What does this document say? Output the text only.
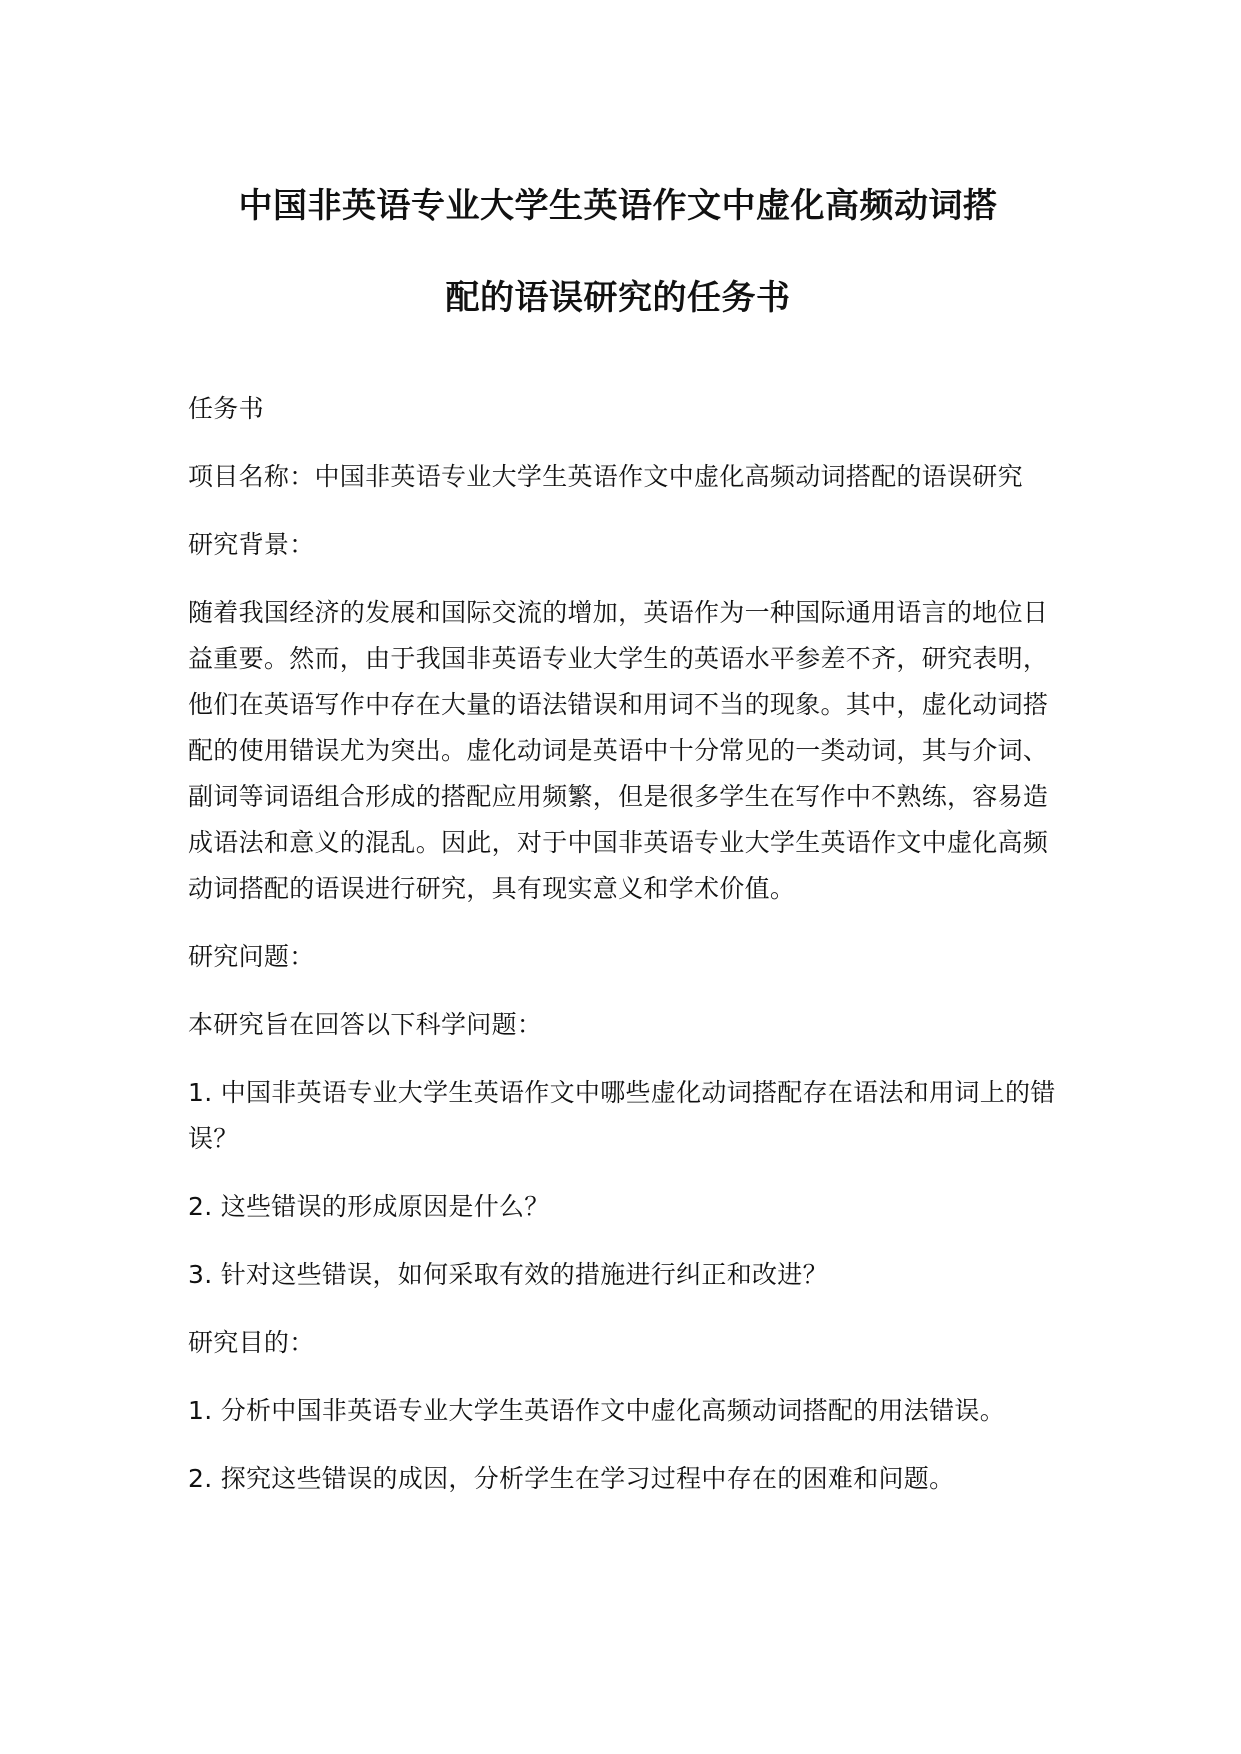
中国非英语专业大学生英语作文中虚化高频动词搭
配的语误研究的任务书

任务书

项目名称：中国非英语专业大学生英语作文中虚化高频动词搭配的语误研究

研究背景：

随着我国经济的发展和国际交流的增加，英语作为一种国际通用语言的地位日益重要。然而，由于我国非英语专业大学生的英语水平参差不齐，研究表明，他们在英语写作中存在大量的语法错误和用词不当的现象。其中，虚化动词搭配的使用错误尤为突出。虚化动词是英语中十分常见的一类动词，其与介词、副词等词语组合形成的搭配应用频繁，但是很多学生在写作中不熟练，容易造成语法和意义的混乱。因此，对于中国非英语专业大学生英语作文中虚化高频动词搭配的语误进行研究，具有现实意义和学术价值。

研究问题：

本研究旨在回答以下科学问题：

1. 中国非英语专业大学生英语作文中哪些虚化动词搭配存在语法和用词上的错误？

2. 这些错误的形成原因是什么？

3. 针对这些错误，如何采取有效的措施进行纠正和改进？

研究目的：

1. 分析中国非英语专业大学生英语作文中虚化高频动词搭配的用法错误。

2. 探究这些错误的成因，分析学生在学习过程中存在的困难和问题。
